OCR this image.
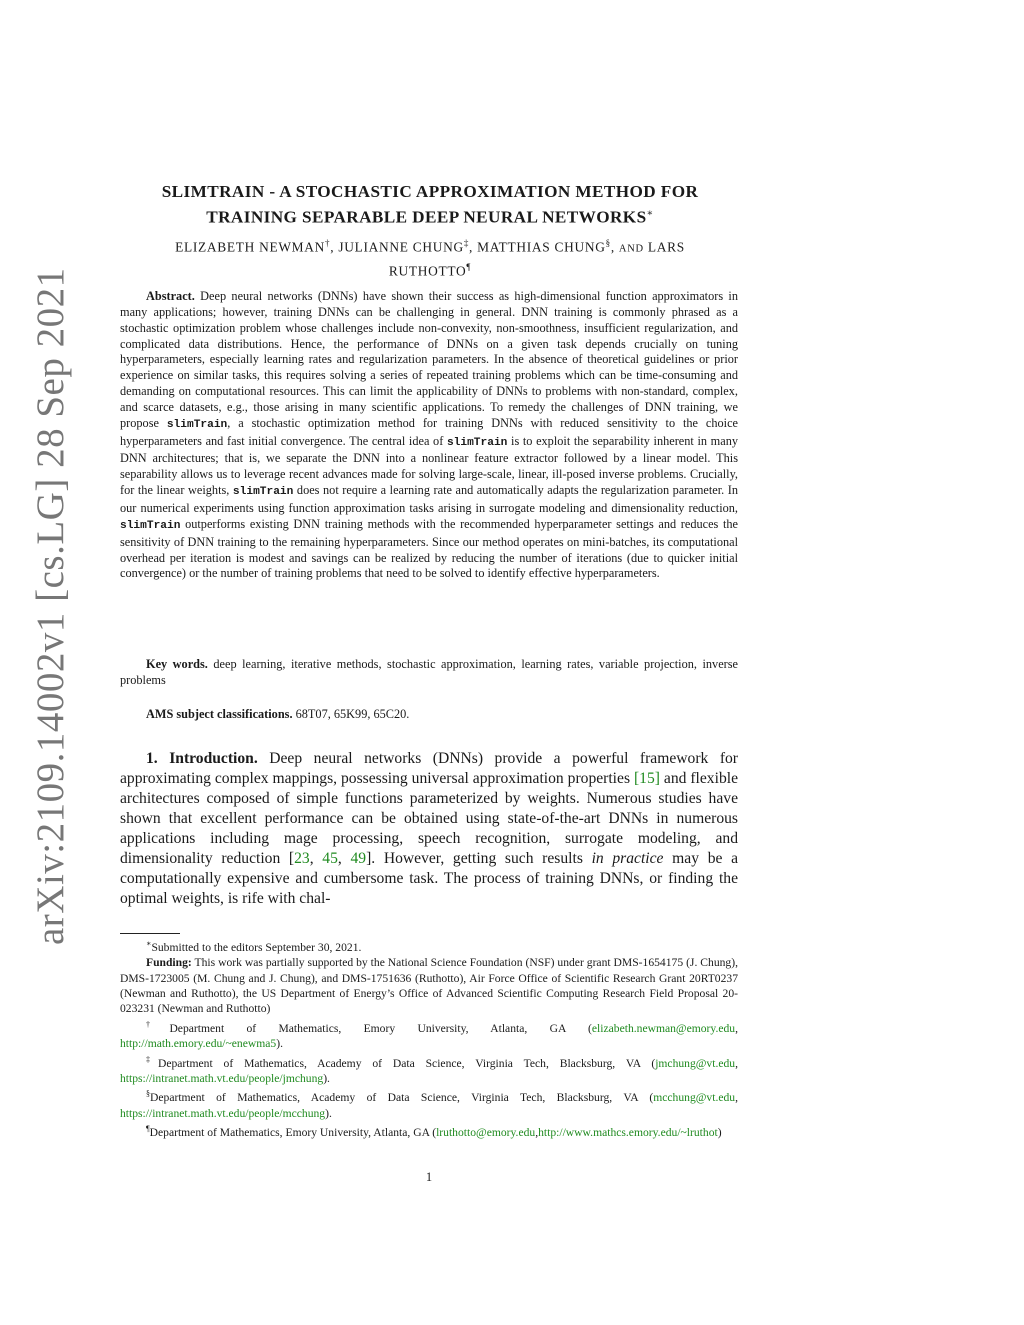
arXiv:2109.14002v1 [cs.LG] 28 Sep 2021
SLIMTRAIN - A STOCHASTIC APPROXIMATION METHOD FOR
TRAINING SEPARABLE DEEP NEURAL NETWORKS∗
ELIZABETH NEWMAN†, JULIANNE CHUNG‡, MATTHIAS CHUNG§, AND LARS
RUTHOTTO¶
Abstract. Deep neural networks (DNNs) have shown their success as high-dimensional function approximators in many applications; however, training DNNs can be challenging in general. DNN training is commonly phrased as a stochastic optimization problem whose challenges include non-convexity, non-smoothness, insufficient regularization, and complicated data distributions. Hence, the performance of DNNs on a given task depends crucially on tuning hyperparameters, especially learning rates and regularization parameters. In the absence of theoretical guidelines or prior experience on similar tasks, this requires solving a series of repeated training problems which can be time-consuming and demanding on computational resources. This can limit the applicability of DNNs to problems with non-standard, complex, and scarce datasets, e.g., those arising in many scientific applications. To remedy the challenges of DNN training, we propose slimTrain, a stochastic optimization method for training DNNs with reduced sensitivity to the choice hyperparameters and fast initial convergence. The central idea of slimTrain is to exploit the separability inherent in many DNN architectures; that is, we separate the DNN into a nonlinear feature extractor followed by a linear model. This separability allows us to leverage recent advances made for solving large-scale, linear, ill-posed inverse problems. Crucially, for the linear weights, slimTrain does not require a learning rate and automatically adapts the regularization parameter. In our numerical experiments using function approximation tasks arising in surrogate modeling and dimensionality reduction, slimTrain outperforms existing DNN training methods with the recommended hyperparameter settings and reduces the sensitivity of DNN training to the remaining hyperparameters. Since our method operates on mini-batches, its computational overhead per iteration is modest and savings can be realized by reducing the number of iterations (due to quicker initial convergence) or the number of training problems that need to be solved to identify effective hyperparameters.
Key words. deep learning, iterative methods, stochastic approximation, learning rates, variable projection, inverse problems
AMS subject classifications. 68T07, 65K99, 65C20.
1. Introduction. Deep neural networks (DNNs) provide a powerful framework for approximating complex mappings, possessing universal approximation properties [15] and flexible architectures composed of simple functions parameterized by weights. Numerous studies have shown that excellent performance can be obtained using state-of-the-art DNNs in numerous applications including mage processing, speech recognition, surrogate modeling, and dimensionality reduction [23, 45, 49]. However, getting such results in practice may be a computationally expensive and cumbersome task. The process of training DNNs, or finding the optimal weights, is rife with chal-

∗Submitted to the editors September 30, 2021.

Funding: This work was partially supported by the National Science Foundation (NSF) under grant DMS-1654175 (J. Chung), DMS-1723005 (M. Chung and J. Chung), and DMS-1751636 (Ruthotto), Air Force Office of Scientific Research Grant 20RT0237 (Newman and Ruthotto), the US Department of Energy’s Office of Advanced Scientific Computing Research Field Proposal 20-023231 (Newman and Ruthotto)

†Department of Mathematics, Emory University, Atlanta, GA (elizabeth.newman@emory.edu, http://math.emory.edu/~enewma5).

‡Department of Mathematics, Academy of Data Science, Virginia Tech, Blacksburg, VA (jmchung@vt.edu, https://intranet.math.vt.edu/people/jmchung).

§Department of Mathematics, Academy of Data Science, Virginia Tech, Blacksburg, VA (mcchung@vt.edu, https://intranet.math.vt.edu/people/mcchung).

¶Department of Mathematics, Emory University, Atlanta, GA (lruthotto@emory.edu,http://www.mathcs.emory.edu/~lruthot)

1
